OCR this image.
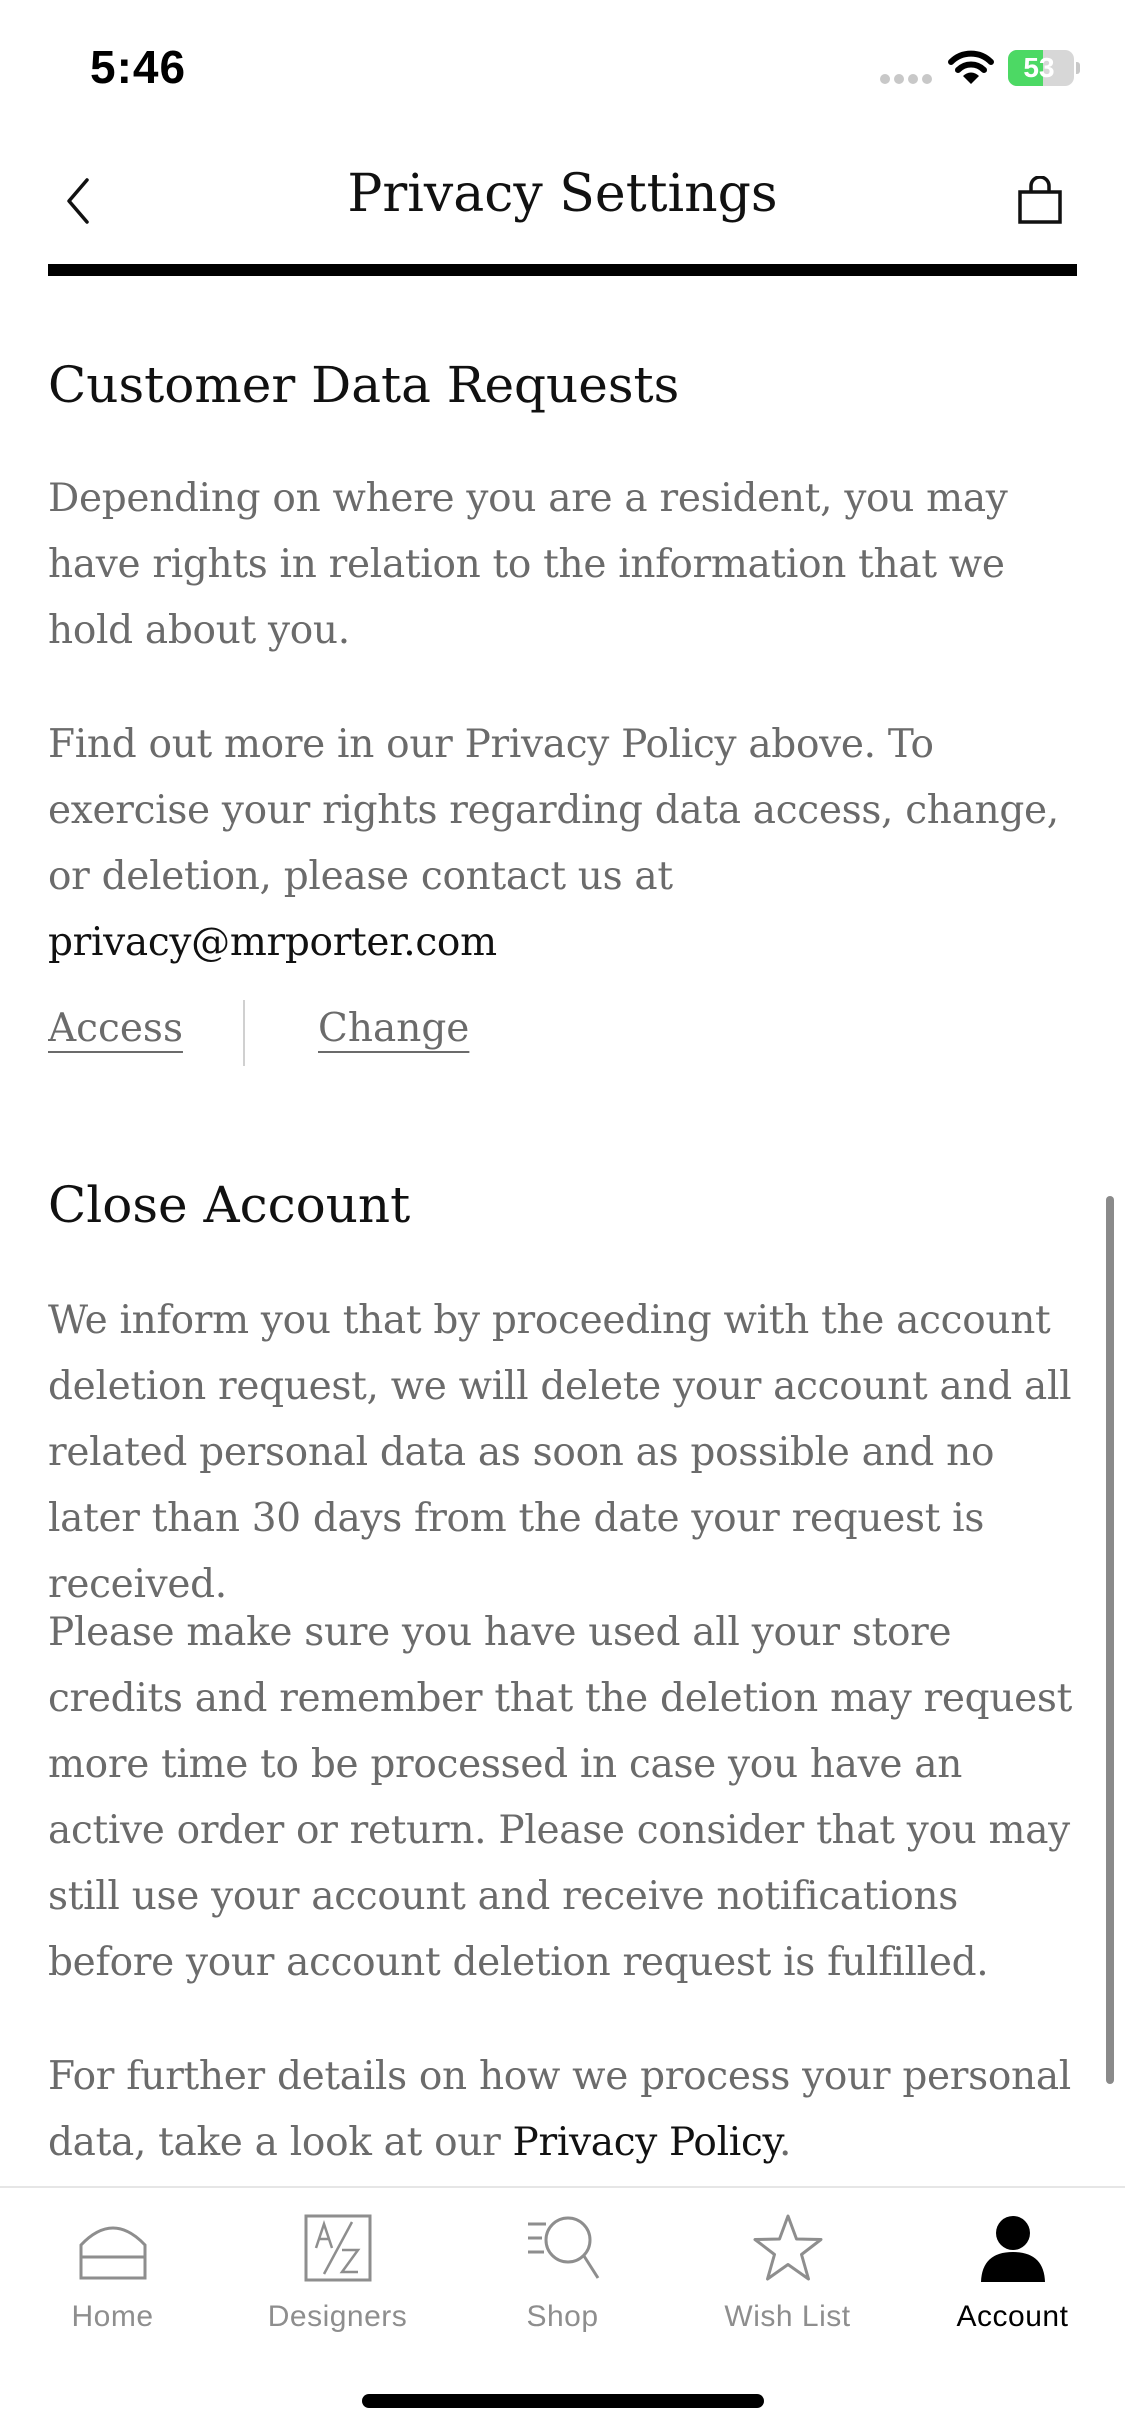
5:46	53
Privacy Settings
Customer Data Requests

Depending on where you are a resident, you may have rights in relation to the information that we hold about you.

Find out more in our Privacy Policy above. To exercise your rights regarding data access, change, or deletion, please contact us at privacy@mrporter.com

Access	Change
Close Account

We inform you that by proceeding with the account deletion request, we will delete your account and all related personal data as soon as possible and no later than 30 days from the date your request is received.

Please make sure you have used all your store credits and remember that the deletion may request more time to be processed in case you have an active order or return. Please consider that you may still use your account and receive notifications before your account deletion request is fulfilled.

For further details on how we process your personal data, take a look at our Privacy Policy.

Home	Designers	Shop	Wish List	Account
